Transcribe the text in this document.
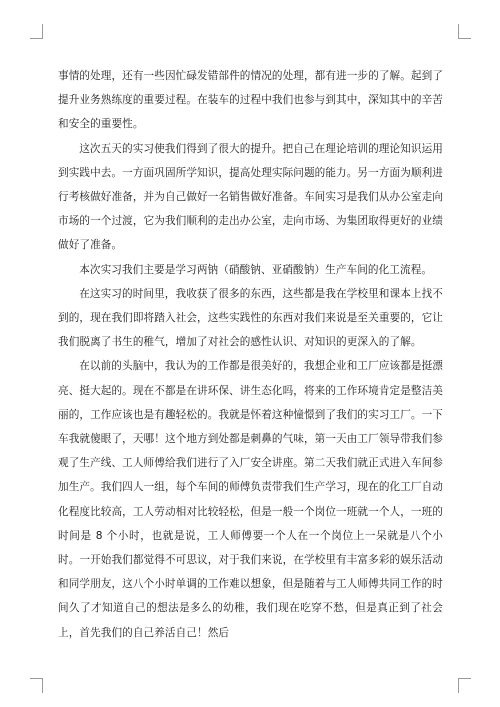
事情的处理，还有一些因忙碌发错部件的情况的处理，都有进一步的了解。起到了提升业务熟练度的重要过程。在装车的过程中我们也参与到其中，深知其中的辛苦和安全的重要性。

这次五天的实习使我们得到了很大的提升。把自己在理论培训的理论知识运用到实践中去。一方面巩固所学知识，提高处理实际问题的能力。另一方面为顺利进行考核做好准备，并为自己做好一名销售做好准备。车间实习是我们从办公室走向市场的一个过渡，它为我们顺利的走出办公室，走向市场、为集团取得更好的业绩做好了准备。

本次实习我们主要是学习两钠（硝酸钠、亚硝酸钠）生产车间的化工流程。

在这实习的时间里，我收获了很多的东西，这些都是我在学校里和课本上找不到的，现在我们即将踏入社会，这些实践性的东西对我们来说是至关重要的，它让我们脱离了书生的稚气，增加了对社会的感性认识、对知识的更深入的了解。

在以前的头脑中，我认为的工作都是很美好的，我想企业和工厂应该都是挺漂亮、挺大起的。现在不都是在讲环保、讲生态化吗，将来的工作环境肯定是整洁美丽的，工作应该也是有趣轻松的。我就是怀着这种憧憬到了我们的实习工厂。一下车我就傻眼了，天哪！这个地方到处都是刺鼻的气味，第一天由工厂领导带我们参观了生产线、工人师傅给我们进行了入厂安全讲座。第二天我们就正式进入车间参加生产。我们四人一组，每个车间的师傅负责带我们生产学习，现在的化工厂自动化程度比较高，工人劳动相对比较轻松，但是一般一个岗位一班就一个人，一班的时间是 8 个小时，也就是说，工人师傅要一个人在一个岗位上一呆就是八个小时。一开始我们都觉得不可思议，对于我们来说，在学校里有丰富多彩的娱乐活动和同学朋友，这八个小时单调的工作难以想象，但是随着与工人师傅共同工作的时间久了才知道自己的想法是多么的幼稚，我们现在吃穿不愁，但是真正到了社会上，首先我们的自己养活自己！然后
